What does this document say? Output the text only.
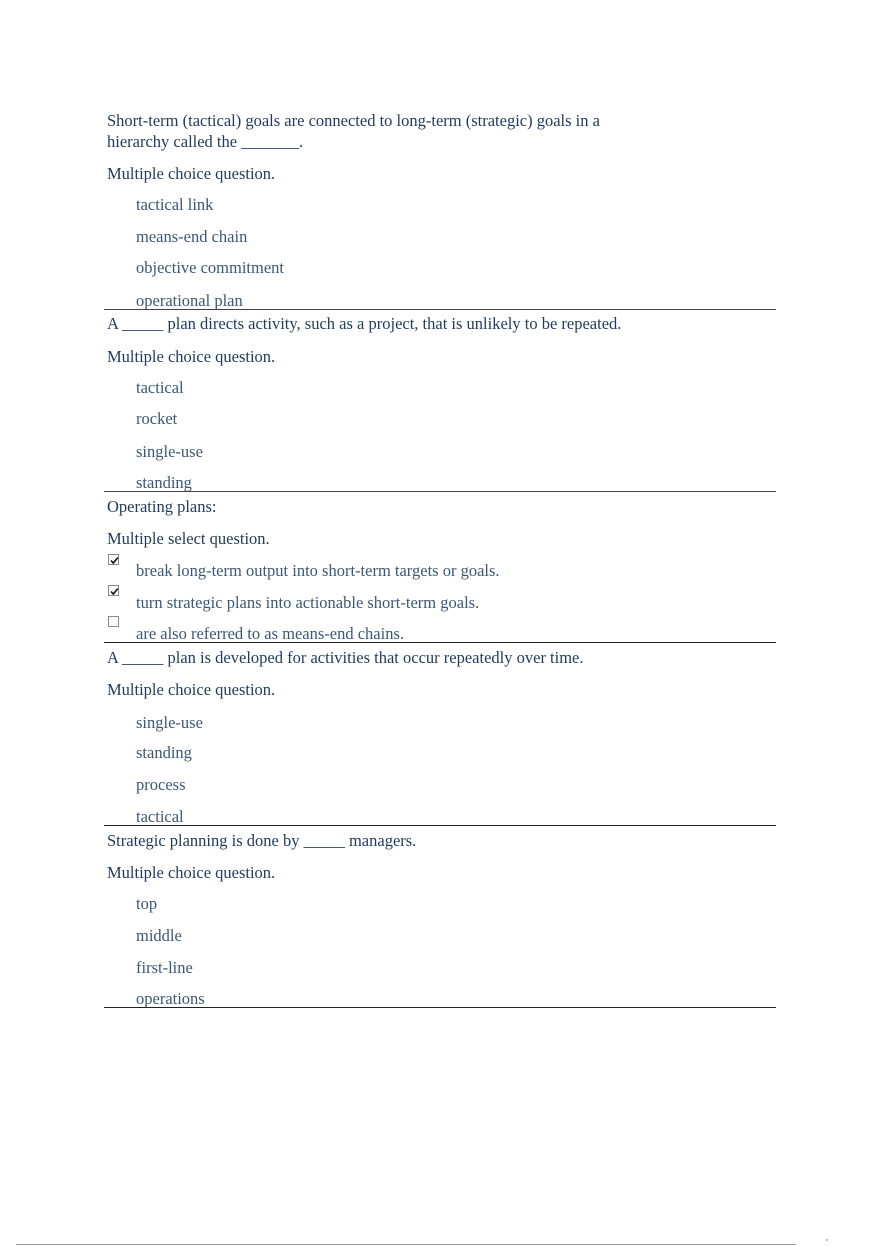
Short-term (tactical) goals are connected to long-term (strategic) goals in a
hierarchy called the _______.
Multiple choice question.
tactical link
means-end chain
objective commitment
operational plan
A _____ plan directs activity, such as a project, that is unlikely to be repeated.
Multiple choice question.
tactical
rocket
single-use
standing
Operating plans:
Multiple select question.
break long-term output into short-term targets or goals.
turn strategic plans into actionable short-term goals.
are also referred to as means-end chains.
A _____ plan is developed for activities that occur repeatedly over time.
Multiple choice question.
single-use
standing
process
tactical
Strategic planning is done by _____ managers.
Multiple choice question.
top
middle
first-line
operations
